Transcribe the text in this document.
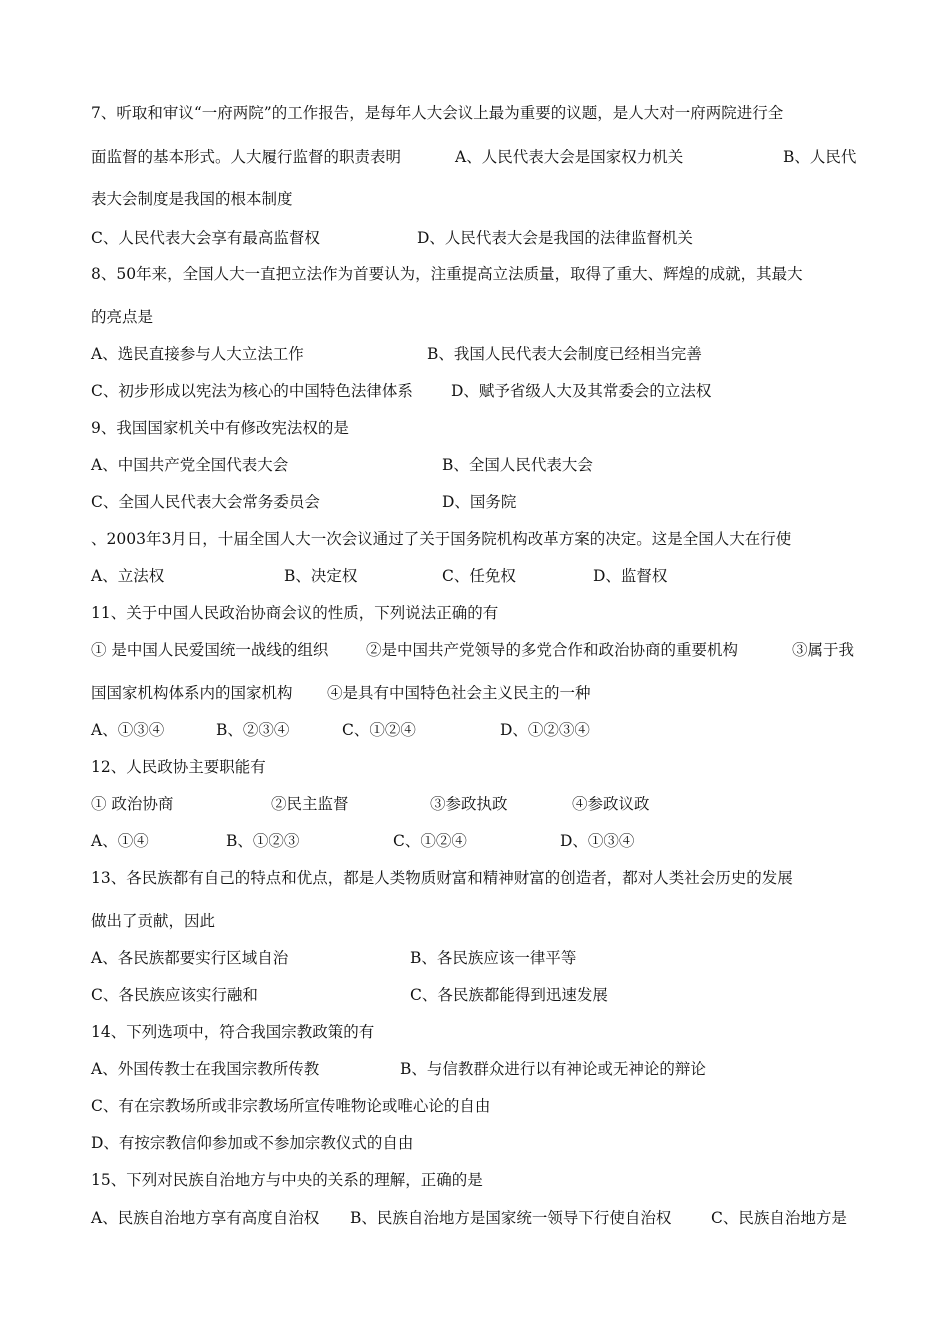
7、听取和审议“一府两院”的工作报告，是每年人大会议上最为重要的议题，是人大对一府两院进行全
面监督的基本形式。人大履行监督的职责表明	A、人民代表大会是国家权力机关	B、人民代
表大会制度是我国的根本制度
C、人民代表大会享有最高监督权	D、人民代表大会是我国的法律监督机关
8、50年来，全国人大一直把立法作为首要认为，注重提高立法质量，取得了重大、辉煌的成就，其最大
的亮点是
A、选民直接参与人大立法工作	B、我国人民代表大会制度已经相当完善
C、初步形成以宪法为核心的中国特色法律体系 D、赋予省级人大及其常委会的立法权
9、我国国家机关中有修改宪法权的是
A、中国共产党全国代表大会	B、全国人民代表大会
C、全国人民代表大会常务委员会	D、国务院
、2003年3月日，十届全国人大一次会议通过了关于国务院机构改革方案的决定。这是全国人大在行使
A、立法权	B、决定权	C、任免权	D、监督权
11、关于中国人民政治协商会议的性质，下列说法正确的有
① 是中国人民爱国统一战线的组织 ②是中国共产党领导的多党合作和政治协商的重要机构	③属于我
国国家机构体系内的国家机构 ④是具有中国特色社会主义民主的一种
A、①③④	B、②③④	C、①②④	D、①②③④
12、人民政协主要职能有
① 政治协商	②民主监督	③参政执政	④参政议政
A、①④	B、①②③	C、①②④	D、①③④
13、各民族都有自己的特点和优点，都是人类物质财富和精神财富的创造者，都对人类社会历史的发展
做出了贡献，因此
A、各民族都要实行区域自治	B、各民族应该一律平等
C、各民族应该实行融和	C、各民族都能得到迅速发展
14、下列选项中，符合我国宗教政策的有
A、外国传教士在我国宗教所传教	B、与信教群众进行以有神论或无神论的辩论
C、有在宗教场所或非宗教场所宣传唯物论或唯心论的自由
D、有按宗教信仰参加或不参加宗教仪式的自由
15、下列对民族自治地方与中央的关系的理解，正确的是
A、民族自治地方享有高度自治权 B、民族自治地方是国家统一领导下行使自治权	C、民族自治地方是
